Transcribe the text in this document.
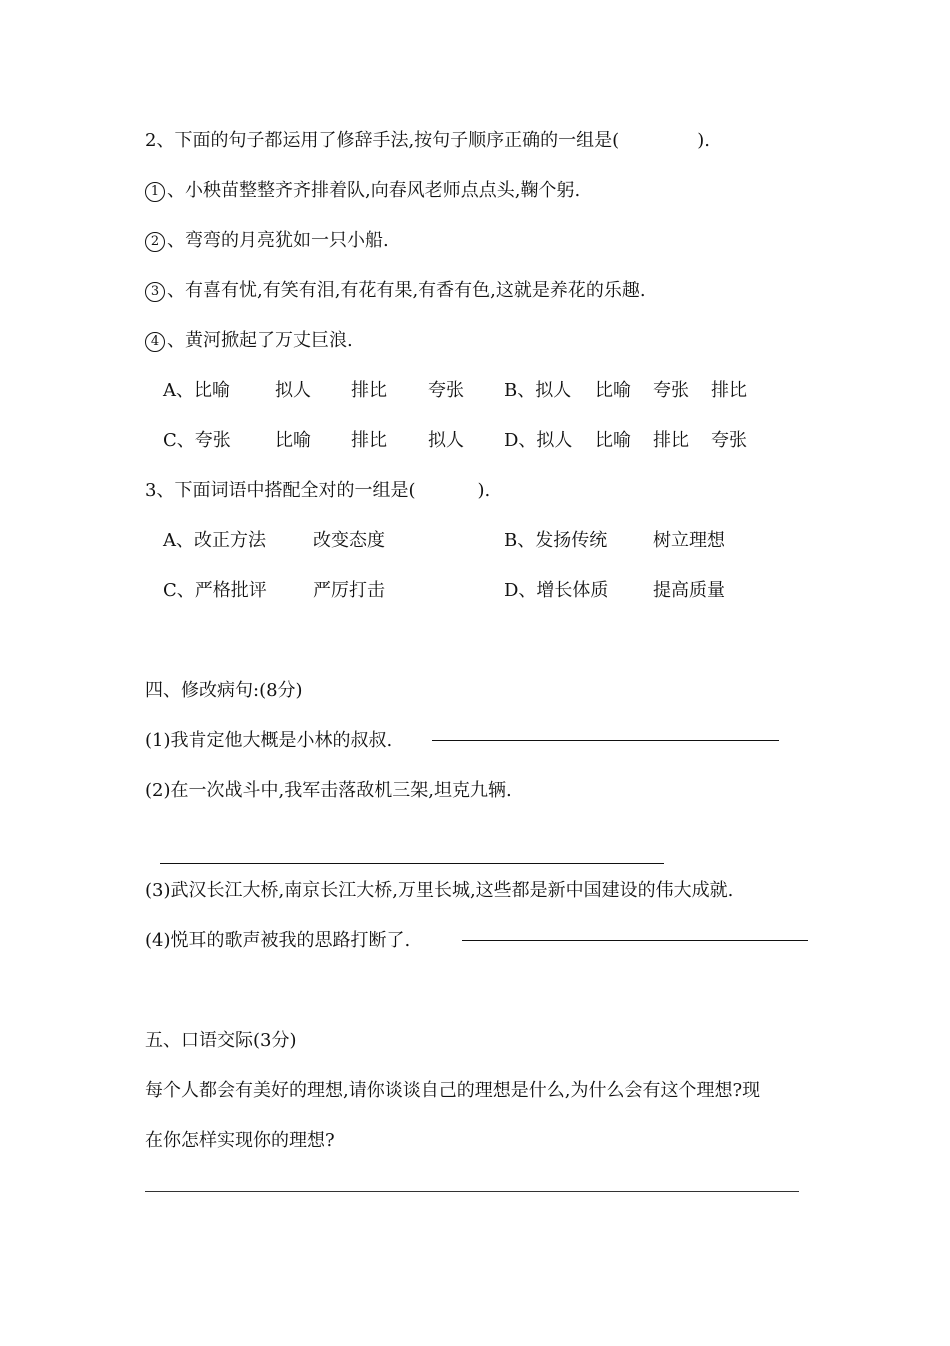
2、下面的句子都运用了修辞手法,按句子顺序正确的一组是(	).
1 、小秧苗整整齐齐排着队,向春风老师点点头,鞠个躬.
2 、弯弯的月亮犹如一只小船.
3 、有喜有忧,有笑有泪,有花有果,有香有色,这就是养花的乐趣.
4 、黄河掀起了万丈巨浪.
A、比喻	拟人 排比 夸张 B、拟人 比喻 夸张 排比
C、夸张 比喻 排比 拟人 D、拟人 比喻 排比 夸张
3、下面词语中搭配全对的一组是(	).
A、改正方法	改变态度	B、发扬传统	树立理想
C、严格批评	严厉打击	D、增长体质 提高质量
四、修改病句:(8分)
(1)我肯定他大概是小林的叔叔.
(2)在一次战斗中,我军击落敌机三架,坦克九辆.
(3)武汉长江大桥,南京长江大桥,万里长城,这些都是新中国建设的伟大成就.
(4)悦耳的歌声被我的思路打断了.
五、口语交际(3分)
每个人都会有美好的理想,请你谈谈自己的理想是什么,为什么会有这个理想?现
在你怎样实现你的理想?
